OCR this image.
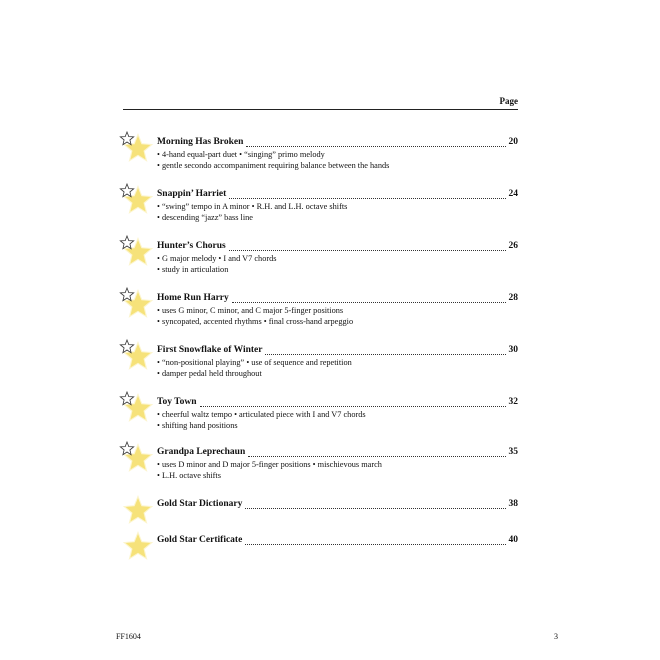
Page
Morning Has Broken	20
• 4-hand equal-part duet • “singing” primo melody
• gentle secondo accompaniment requiring balance between the hands
Snappin’ Harriet	24
• “swing” tempo in A minor • R.H. and L.H. octave shifts
• descending “jazz” bass line
Hunter’s Chorus	26
• G major melody • I and V7 chords
• study in articulation
Home Run Harry	28
• uses G minor, C minor, and C major 5-finger positions
• syncopated, accented rhythms • final cross-hand arpeggio
First Snowflake of Winter	30
• “non-positional playing” • use of sequence and repetition
• damper pedal held throughout
Toy Town	32
• cheerful waltz tempo • articulated piece with I and V7 chords
• shifting hand positions
Grandpa Leprechaun	35
• uses D minor and D major 5-finger positions • mischievous march
• L.H. octave shifts
Gold Star Dictionary	38
Gold Star Certificate	40
FF1604	3
